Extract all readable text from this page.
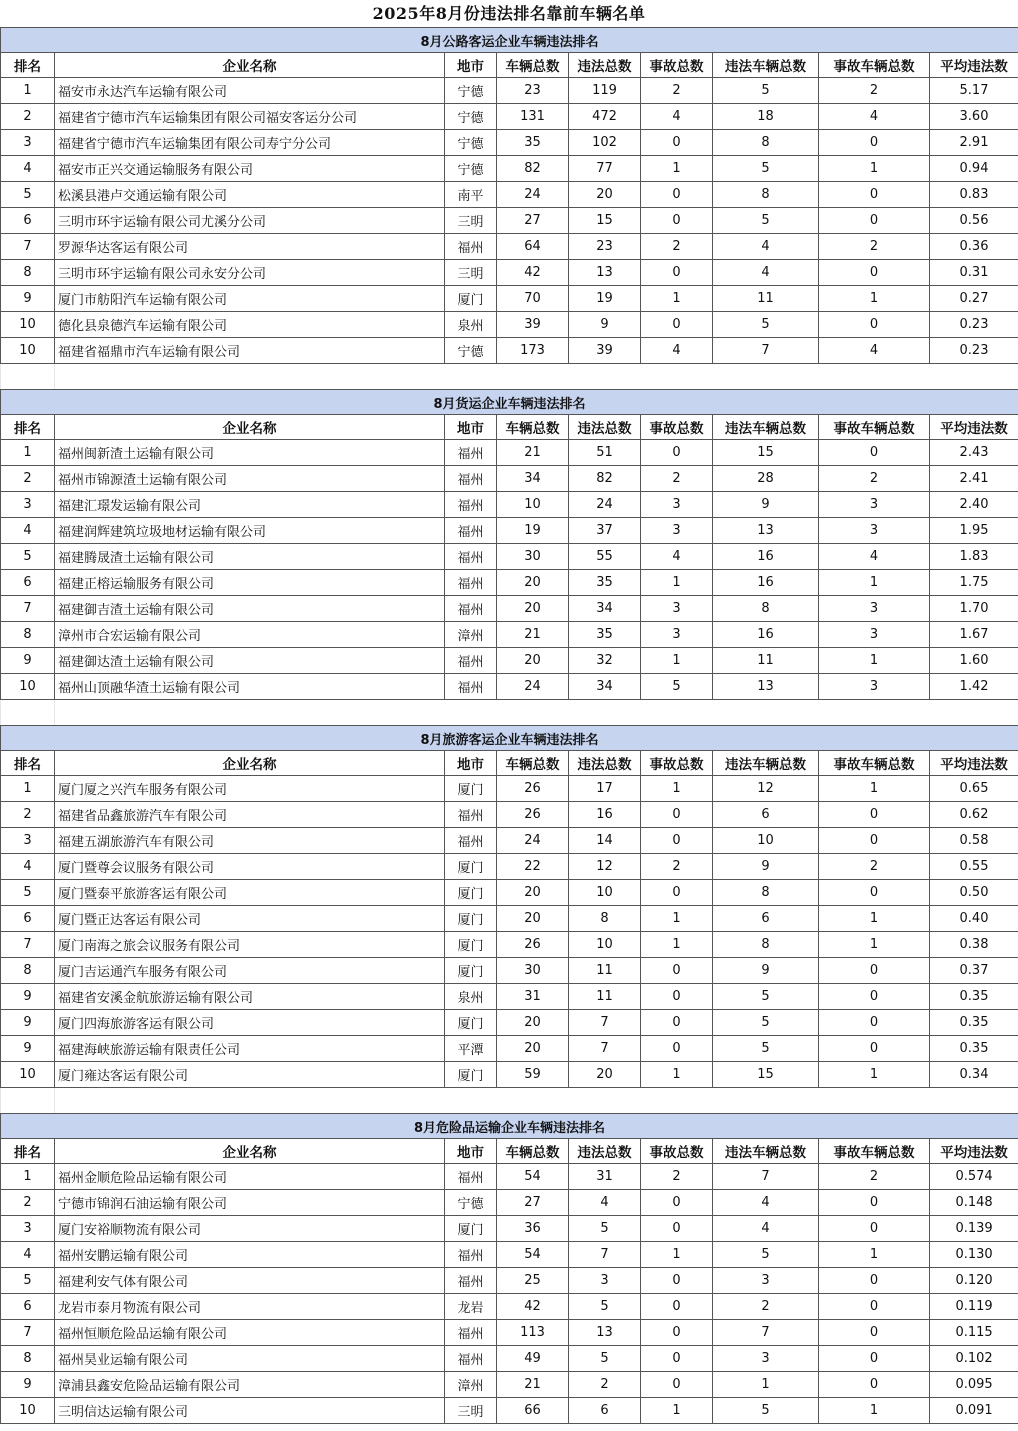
2025年8月份违法排名靠前车辆名单
8月公路客运企业车辆违法排名								
排名	企业名称	地市	车辆总数	违法总数	事故总数	违法车辆总数	事故车辆总数	平均违法数
1	福安市永达汽车运输有限公司	宁德	23	119	2	5	2	5.17
2	福建省宁德市汽车运输集团有限公司福安客运分公司	宁德	131	472	4	18	4	3.60
3	福建省宁德市汽车运输集团有限公司寿宁分公司	宁德	35	102	0	8	0	2.91
4	福安市正兴交通运输服务有限公司	宁德	82	77	1	5	1	0.94
5	松溪县港卢交通运输有限公司	南平	24	20	0	8	0	0.83
6	三明市环宇运输有限公司尤溪分公司	三明	27	15	0	5	0	0.56
7	罗源华达客运有限公司	福州	64	23	2	4	2	0.36
8	三明市环宇运输有限公司永安分公司	三明	42	13	0	4	0	0.31
9	厦门市舫阳汽车运输有限公司	厦门	70	19	1	11	1	0.27
10	德化县泉德汽车运输有限公司	泉州	39	9	0	5	0	0.23
10	福建省福鼎市汽车运输有限公司	宁德	173	39	4	7	4	0.23
8月货运企业车辆违法排名								
排名	企业名称	地市	车辆总数	违法总数	事故总数	违法车辆总数	事故车辆总数	平均违法数
1	福州闽新渣土运输有限公司	福州	21	51	0	15	0	2.43
2	福州市锦源渣土运输有限公司	福州	34	82	2	28	2	2.41
3	福建汇璟发运输有限公司	福州	10	24	3	9	3	2.40
4	福建润辉建筑垃圾地材运输有限公司	福州	19	37	3	13	3	1.95
5	福建腾晟渣土运输有限公司	福州	30	55	4	16	4	1.83
6	福建正榕运输服务有限公司	福州	20	35	1	16	1	1.75
7	福建御吉渣土运输有限公司	福州	20	34	3	8	3	1.70
8	漳州市合宏运输有限公司	漳州	21	35	3	16	3	1.67
9	福建御达渣土运输有限公司	福州	20	32	1	11	1	1.60
10	福州山顶融华渣土运输有限公司	福州	24	34	5	13	3	1.42
8月旅游客运企业车辆违法排名								
排名	企业名称	地市	车辆总数	违法总数	事故总数	违法车辆总数	事故车辆总数	平均违法数
1	厦门厦之兴汽车服务有限公司	厦门	26	17	1	12	1	0.65
2	福建省品鑫旅游汽车有限公司	福州	26	16	0	6	0	0.62
3	福建五湖旅游汽车有限公司	福州	24	14	0	10	0	0.58
4	厦门暨尊会议服务有限公司	厦门	22	12	2	9	2	0.55
5	厦门暨泰平旅游客运有限公司	厦门	20	10	0	8	0	0.50
6	厦门暨正达客运有限公司	厦门	20	8	1	6	1	0.40
7	厦门南海之旅会议服务有限公司	厦门	26	10	1	8	1	0.38
8	厦门吉运通汽车服务有限公司	厦门	30	11	0	9	0	0.37
9	福建省安溪金航旅游运输有限公司	泉州	31	11	0	5	0	0.35
9	厦门四海旅游客运有限公司	厦门	20	7	0	5	0	0.35
9	福建海峡旅游运输有限责任公司	平潭	20	7	0	5	0	0.35
10	厦门雍达客运有限公司	厦门	59	20	1	15	1	0.34
8月危险品运输企业车辆违法排名								
排名	企业名称	地市	车辆总数	违法总数	事故总数	违法车辆总数	事故车辆总数	平均违法数
1	福州金顺危险品运输有限公司	福州	54	31	2	7	2	0.574
2	宁德市锦润石油运输有限公司	宁德	27	4	0	4	0	0.148
3	厦门安裕顺物流有限公司	厦门	36	5	0	4	0	0.139
4	福州安鹏运输有限公司	福州	54	7	1	5	1	0.130
5	福建利安气体有限公司	福州	25	3	0	3	0	0.120
6	龙岩市泰月物流有限公司	龙岩	42	5	0	2	0	0.119
7	福州恒顺危险品运输有限公司	福州	113	13	0	7	0	0.115
8	福州昊业运输有限公司	福州	49	5	0	3	0	0.102
9	漳浦县鑫安危险品运输有限公司	漳州	21	2	0	1	0	0.095
10	三明信达运输有限公司	三明	66	6	1	5	1	0.091
